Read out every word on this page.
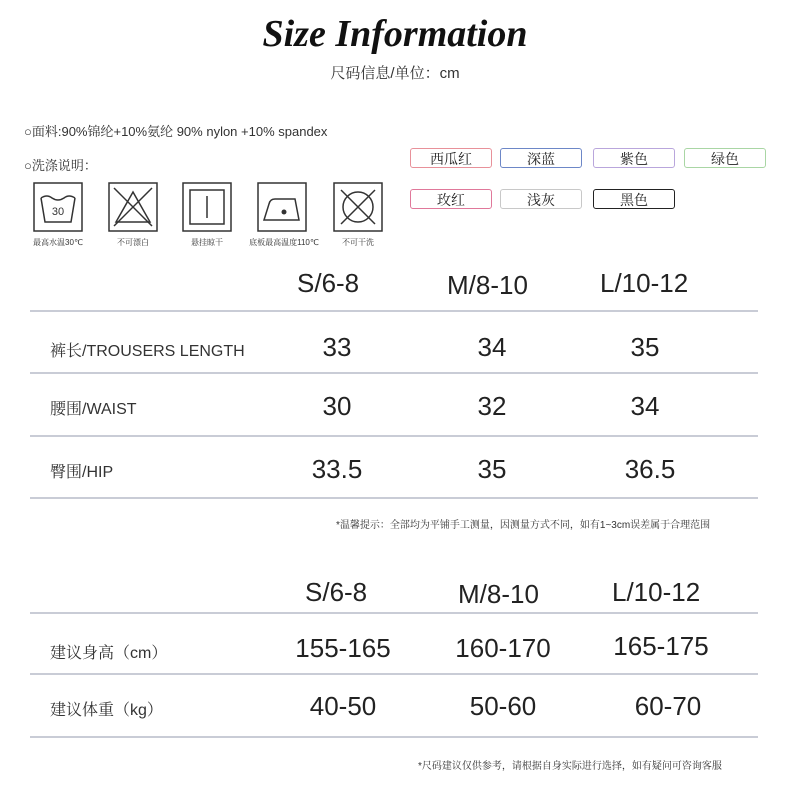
Size Information
尺码信息/单位：cm
○面料:90%锦纶+10%氨纶 90% nylon +10% spandex
○洗涤说明：
30
最高水温30℃	不可漂白	悬挂晾干	底板最高温度110℃	不可干洗
西瓜红	深蓝	紫色	绿色
玫红	浅灰	黑色
S/6-8	M/8-10	L/10-12
裤长/TROUSERS LENGTH	33	34	35
腰围/WAIST	30	32	34
臀围/HIP	33.5	35	36.5
*温馨提示：全部均为平铺手工测量，因测量方式不同，如有1~3cm误差属于合理范围
S/6-8	M/8-10	L/10-12
建议身高（cm）	155-165	160-170	165-175
建议体重（kg）	40-50	50-60	60-70
*尺码建议仅供参考，请根据自身实际进行选择，如有疑问可咨询客服
